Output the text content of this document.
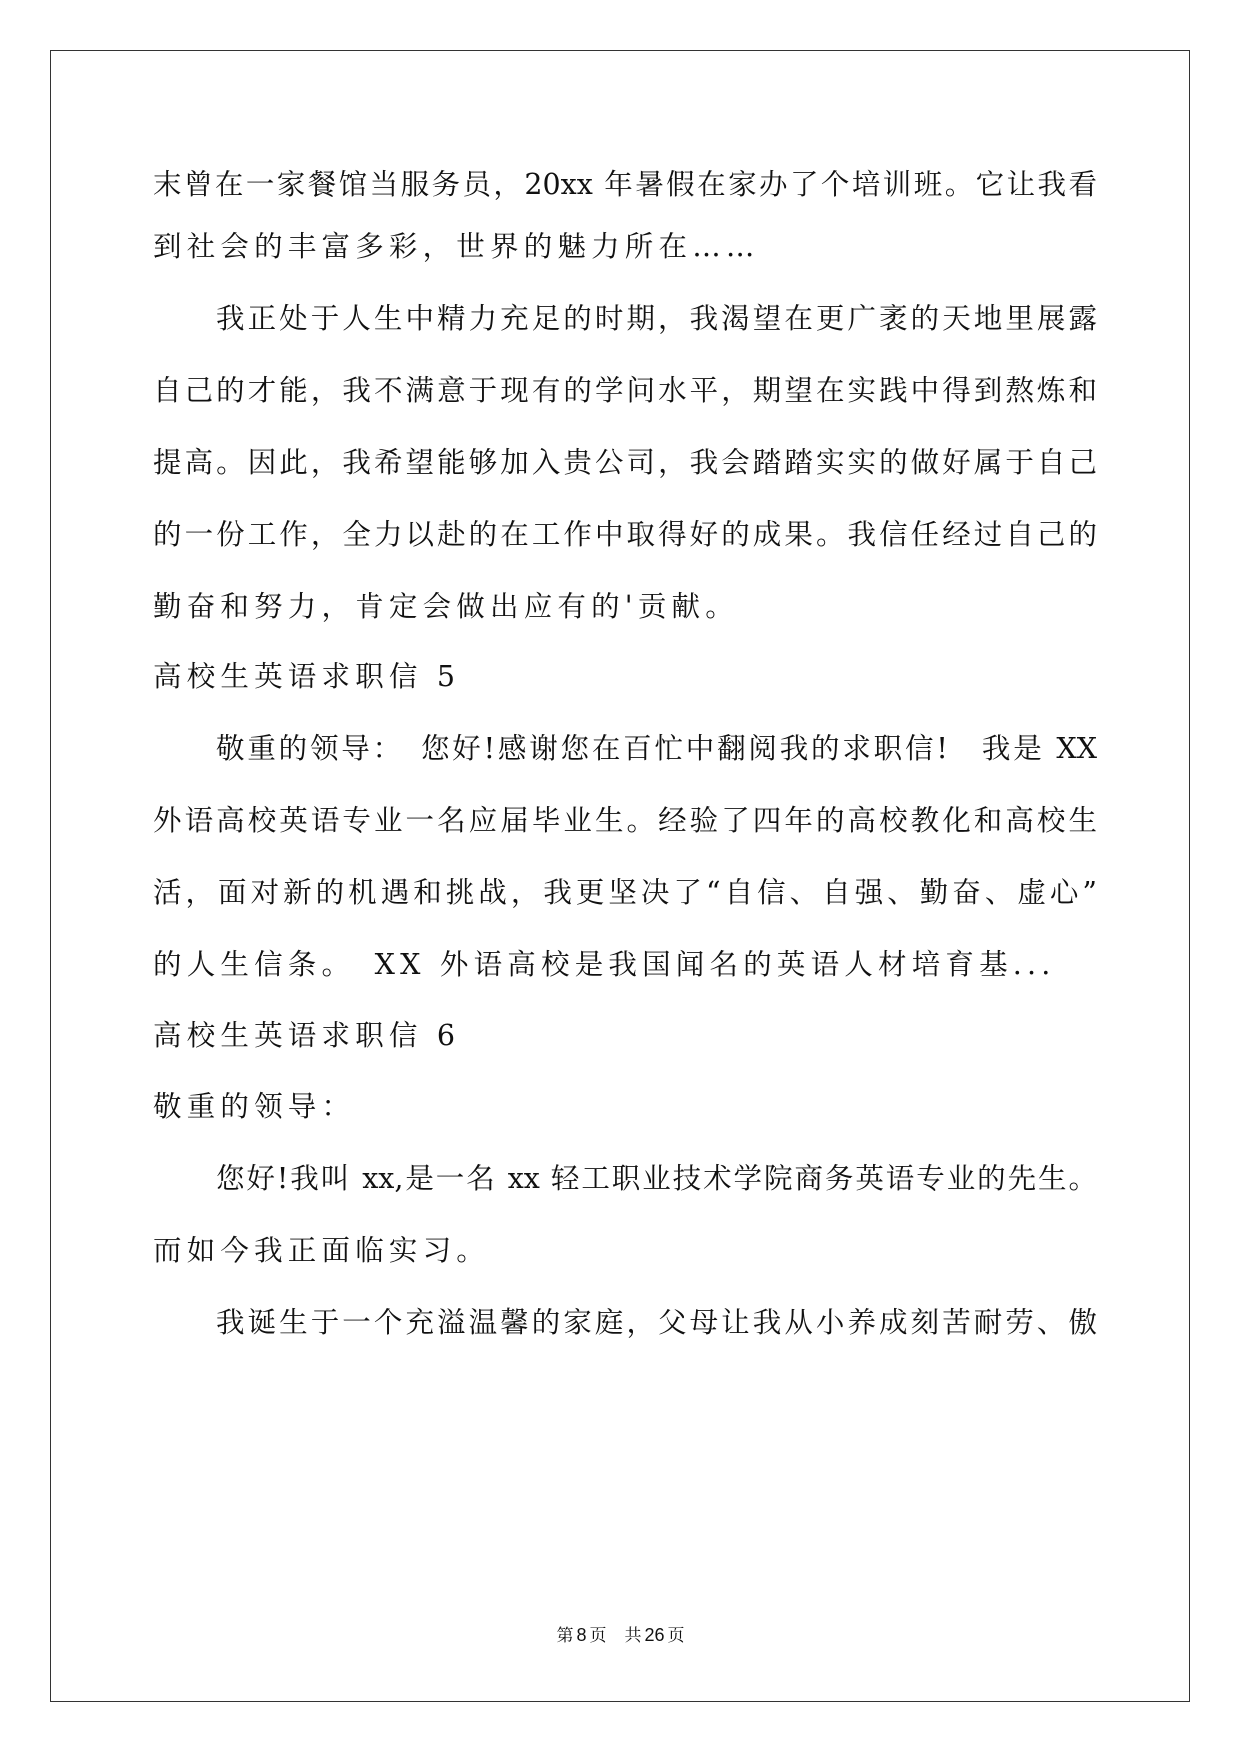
末曾在一家餐馆当服务员，20xx 年暑假在家办了个培训班。它让我看
到社会的丰富多彩，世界的魅力所在……
我正处于人生中精力充足的时期，我渴望在更广袤的天地里展露
自己的才能，我不满意于现有的学问水平，期望在实践中得到熬炼和
提高。因此，我希望能够加入贵公司，我会踏踏实实的做好属于自己
的一份工作，全力以赴的在工作中取得好的成果。我信任经过自己的
勤奋和努力，肯定会做出应有的'贡献。
高校生英语求职信 5
敬重的领导：　您好!感谢您在百忙中翻阅我的求职信!　我是 XX
外语高校英语专业一名应届毕业生。经验了四年的高校教化和高校生
活，面对新的机遇和挑战，我更坚决了“自信、自强、勤奋、虚心”
的人生信条。　XX 外语高校是我国闻名的英语人材培育基...
高校生英语求职信 6
敬重的领导：
您好!我叫 xx,是一名 xx 轻工职业技术学院商务英语专业的先生。
而如今我正面临实习。
我诞生于一个充溢温馨的家庭，父母让我从小养成刻苦耐劳、傲
第 8 页 共 26 页
